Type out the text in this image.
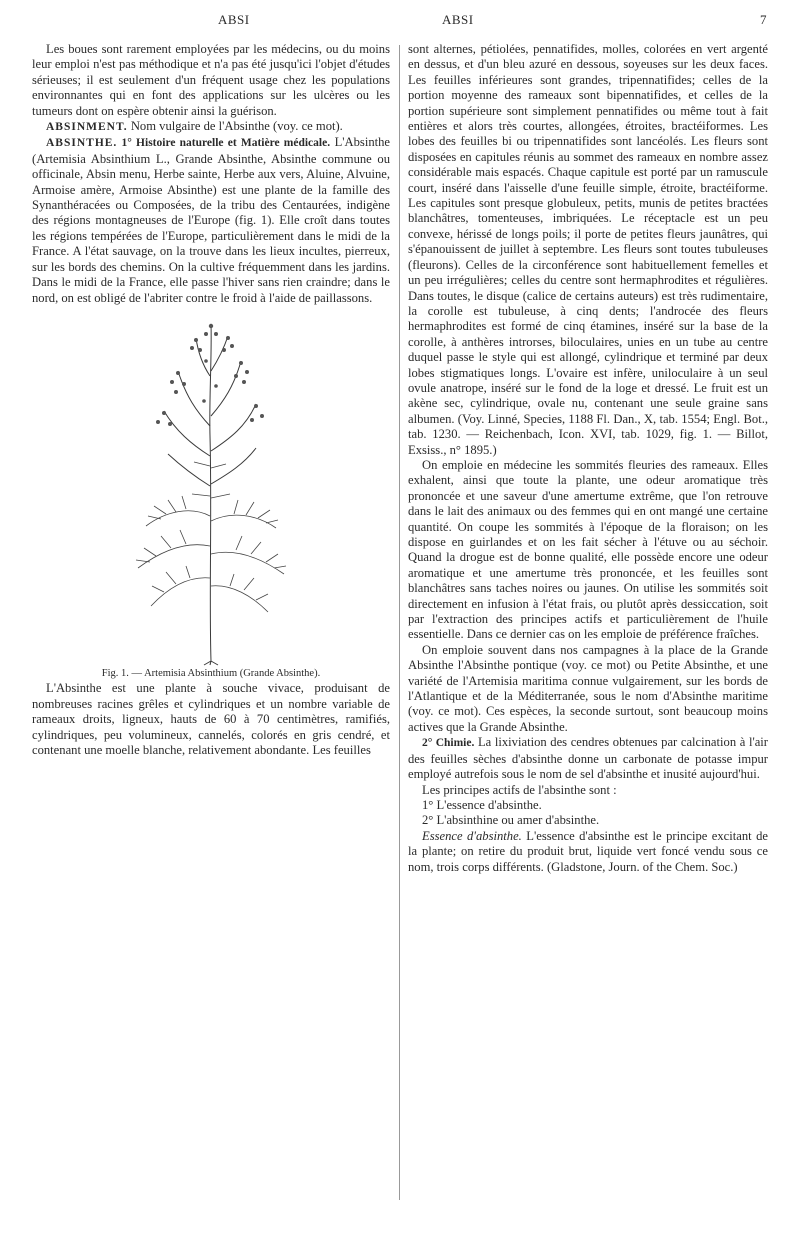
ABSI	ABSI	7

Les boues sont rarement employées par les médecins, ou du moins leur emploi n'est pas méthodique et n'a pas été jusqu'ici l'objet d'études sérieuses; il est seulement d'un fréquent usage chez les populations environnantes qui en font des applications sur les ulcères ou les tumeurs dont on espère obtenir ainsi la guérison.

ABSINMENT. Nom vulgaire de l'Absinthe (voy. ce mot).

ABSINTHE. 1° Histoire naturelle et Matière médicale. L'Absinthe (Artemisia Absinthium L., Grande Absinthe, Absinthe commune ou officinale, Absin menu, Herbe sainte, Herbe aux vers, Aluine, Alvuine, Armoise amère, Armoise Absinthe) est une plante de la famille des Synanthéracées ou Composées, de la tribu des Centaurées, indigène des régions montagneuses de l'Europe (fig. 1). Elle croît dans toutes les régions tempérées de l'Europe, particulièrement dans le midi de la France. A l'état sauvage, on la trouve dans les lieux incultes, pierreux, sur les bords des chemins. On la cultive fréquemment dans les jardins. Dans le midi de la France, elle passe l'hiver sans rien craindre; dans le nord, on est obligé de l'abriter contre le froid à l'aide de paillassons.

Fig. 1. — Artemisia Absinthium (Grande Absinthe).

L'Absinthe est une plante à souche vivace, produisant de nombreuses racines grêles et cylindriques et un nombre variable de rameaux droits, ligneux, hauts de 60 à 70 centimètres, ramifiés, cylindriques, peu volumineux, cannelés, colorés en gris cendré, et contenant une moelle blanche, relativement abondante. Les feuilles

sont alternes, pétiolées, pennatifides, molles, colorées en vert argenté en dessus, et d'un bleu azuré en dessous, soyeuses sur les deux faces. Les feuilles inférieures sont grandes, tripennatifides; celles de la portion moyenne des rameaux sont bipennatifides, et celles de la portion supérieure sont simplement pennatifides ou même tout à fait entières et alors très courtes, allongées, étroites, bractéiformes. Les lobes des feuilles bi ou tripennatifides sont lancéolés. Les fleurs sont disposées en capitules réunis au sommet des rameaux en nombre assez considérable mais espacés. Chaque capitule est porté par un ramuscule court, inséré dans l'aisselle d'une feuille simple, étroite, bractéiforme. Les capitules sont presque globuleux, petits, munis de petites bractées blanchâtres, tomenteuses, imbriquées. Le réceptacle est un peu convexe, hérissé de longs poils; il porte de petites fleurs jaunâtres, qui s'épanouissent de juillet à septembre. Les fleurs sont toutes tubuleuses (fleurons). Celles de la circonférence sont habituellement femelles et un peu irrégulières; celles du centre sont hermaphrodites et régulières. Dans toutes, le disque (calice de certains auteurs) est très rudimentaire, la corolle est tubuleuse, à cinq dents; l'androcée des fleurs hermaphrodites est formé de cinq étamines, inséré sur la base de la corolle, à anthères introrses, biloculaires, unies en un tube au centre duquel passe le style qui est allongé, cylindrique et terminé par deux lobes stigmatiques longs. L'ovaire est infère, uniloculaire à un seul ovule anatrope, inséré sur le fond de la loge et dressé. Le fruit est un akène sec, cylindrique, ovale nu, contenant une seule graine sans albumen. (Voy. Linné, Species, 1188 Fl. Dan., X, tab. 1554; Engl. Bot., tab. 1230. — Reichenbach, Icon. XVI, tab. 1029, fig. 1. — Billot, Exsiss., n° 1895.)

On emploie en médecine les sommités fleuries des rameaux. Elles exhalent, ainsi que toute la plante, une odeur aromatique très prononcée et une saveur d'une amertume extrême, que l'on retrouve dans le lait des animaux ou des femmes qui en ont mangé une certaine quantité. On coupe les sommités à l'époque de la floraison; on les dispose en guirlandes et on les fait sécher à l'étuve ou au séchoir. Quand la drogue est de bonne qualité, elle possède encore une odeur aromatique et une amertume très prononcée, et les feuilles sont blanchâtres sans taches noires ou jaunes. On utilise les sommités soit directement en infusion à l'état frais, ou plutôt après dessiccation, soit par l'extraction des principes actifs et particulièrement de l'huile essentielle. Dans ce dernier cas on les emploie de préférence fraîches.

On emploie souvent dans nos campagnes à la place de la Grande Absinthe l'Absinthe pontique (voy. ce mot) ou Petite Absinthe, et une variété de l'Artemisia maritima connue vulgairement, sur les bords de l'Atlantique et de la Méditerranée, sous le nom d'Absinthe maritime (voy. ce mot). Ces espèces, la seconde surtout, sont beaucoup moins actives que la Grande Absinthe.

2° Chimie. La lixiviation des cendres obtenues par calcination à l'air des feuilles sèches d'absinthe donne un carbonate de potasse impur employé autrefois sous le nom de sel d'absinthe et inusité aujourd'hui.

Les principes actifs de l'absinthe sont :

1° L'essence d'absinthe.

2° L'absinthine ou amer d'absinthe.

Essence d'absinthe. L'essence d'absinthe est le principe excitant de la plante; on retire du produit brut, liquide vert foncé vendu sous ce nom, trois corps différents. (Gladstone, Journ. of the Chem. Soc.)
